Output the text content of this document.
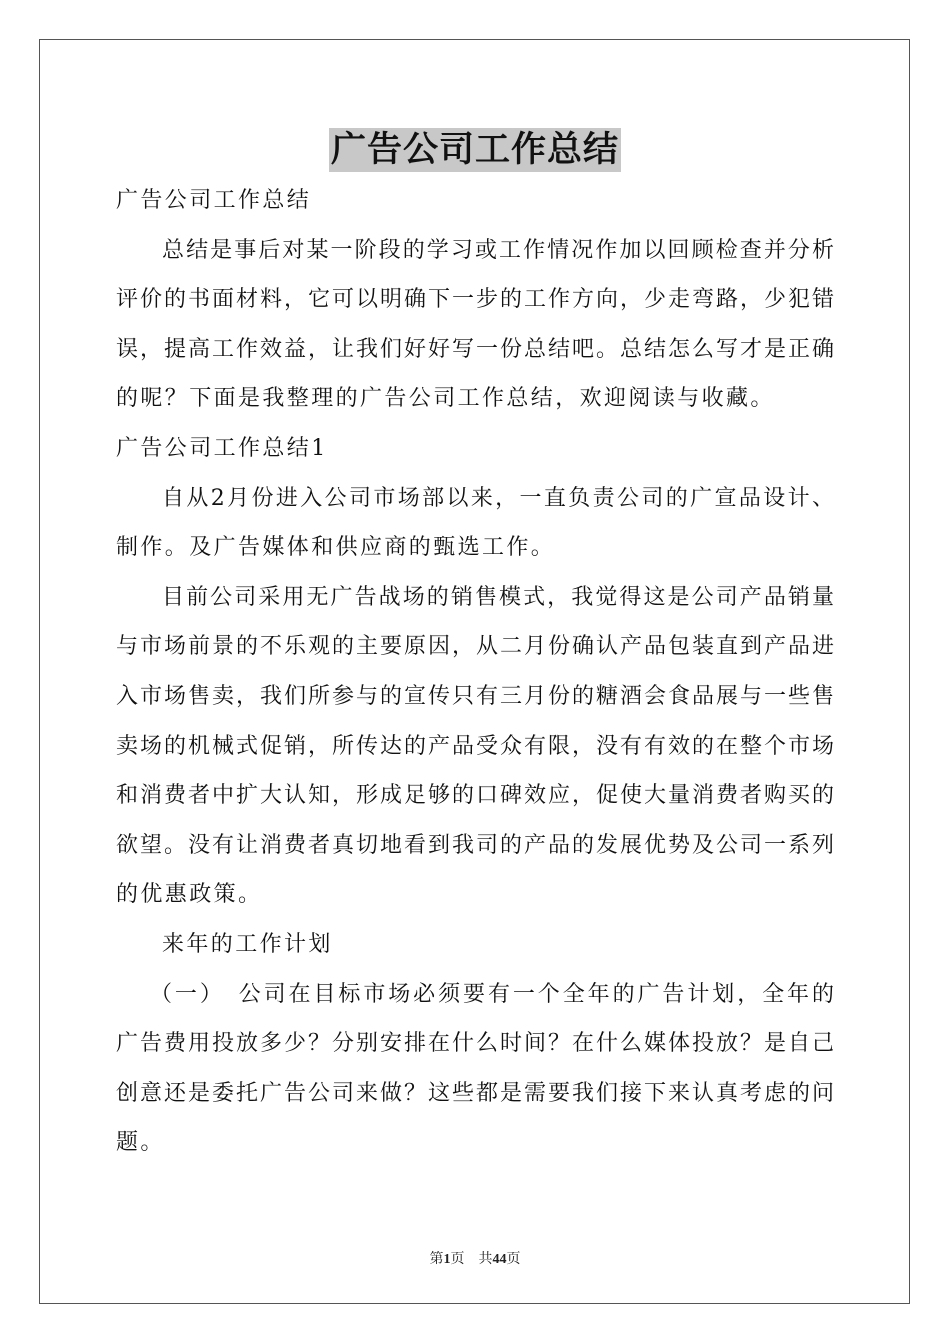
广告公司工作总结
广告公司工作总结
总结是事后对某一阶段的学习或工作情况作加以回顾检查并分析
评价的书面材料，它可以明确下一步的工作方向，少走弯路，少犯错
误，提高工作效益，让我们好好写一份总结吧。总结怎么写才是正确
的呢？下面是我整理的广告公司工作总结，欢迎阅读与收藏。
广告公司工作总结1
自从2月份进入公司市场部以来，一直负责公司的广宣品设计、
制作。及广告媒体和供应商的甄选工作。
目前公司采用无广告战场的销售模式，我觉得这是公司产品销量
与市场前景的不乐观的主要原因，从二月份确认产品包装直到产品进
入市场售卖，我们所参与的宣传只有三月份的糖酒会食品展与一些售
卖场的机械式促销，所传达的产品受众有限，没有有效的在整个市场
和消费者中扩大认知，形成足够的口碑效应，促使大量消费者购买的
欲望。没有让消费者真切地看到我司的产品的发展优势及公司一系列
的优惠政策。
来年的工作计划
（一）　公司在目标市场必须要有一个全年的广告计划，全年的
广告费用投放多少？分别安排在什么时间？在什么媒体投放？是自己
创意还是委托广告公司来做？这些都是需要我们接下来认真考虑的问
题。
第1页 共44页
